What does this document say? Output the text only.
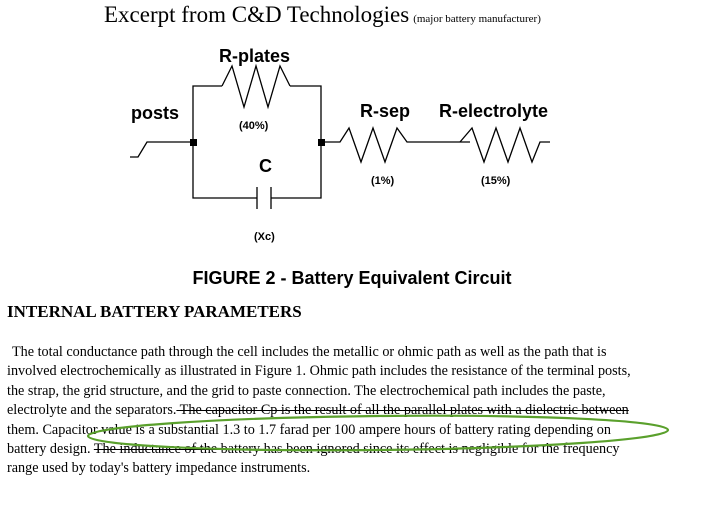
Excerpt from C&D Technologies (major battery manufacturer)
posts
R-plates
(40%)
C
(Xc)
R-sep
(1%)
R-electrolyte
(15%)
FIGURE 2 - Battery Equivalent Circuit
INTERNAL BATTERY PARAMETERS
The total conductance path through the cell includes the metallic or ohmic path as well as the path that is
involved electrochemically as illustrated in Figure 1. Ohmic path includes the resistance of the terminal posts,
the strap, the grid structure, and the grid to paste connection. The electrochemical path includes the paste,
electrolyte and the separators. The capacitor Cp is the result of all the parallel plates with a dielectric between
them. Capacitor value is a substantial 1.3 to 1.7 farad per 100 ampere hours of battery rating depending on
battery design. The inductance of the battery has been ignored since its effect is negligible for the frequency
range used by today's battery impedance instruments.
